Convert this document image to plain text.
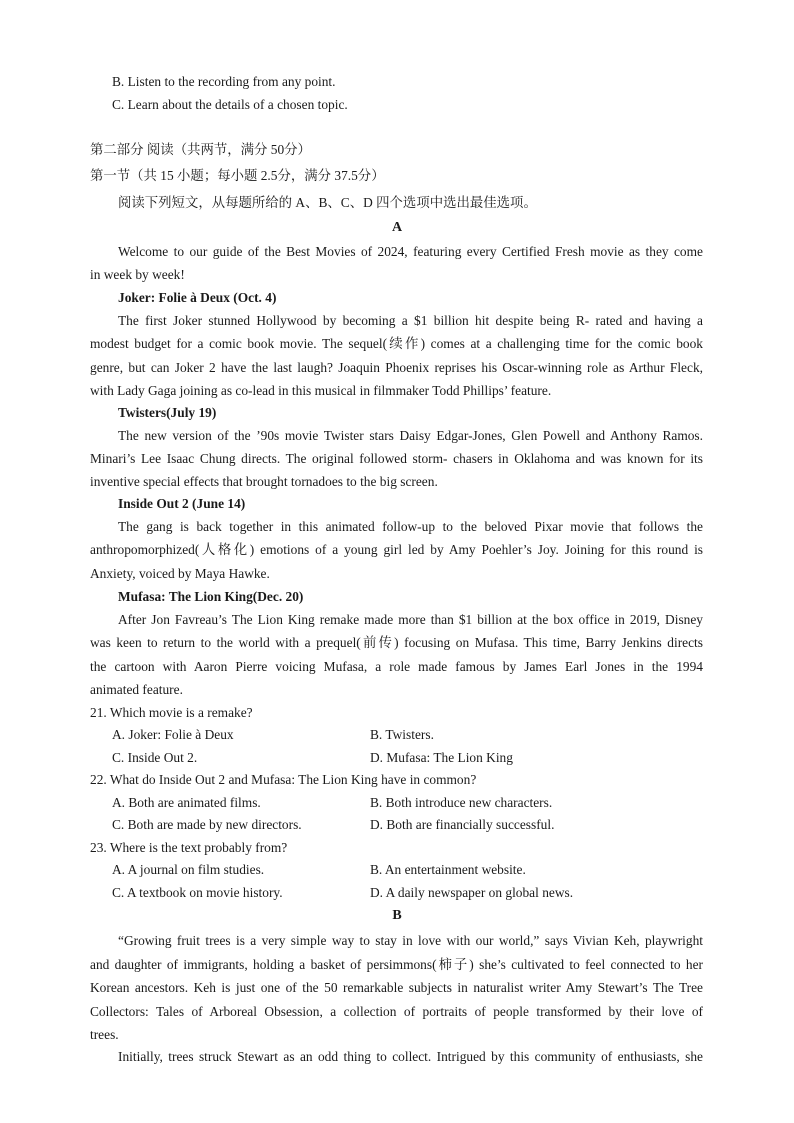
B. Listen to the recording from any point.
C. Learn about the details of a chosen topic.
第二部分 阅读（共两节，满分 50分）
第一节（共 15 小题；每小题 2.5分，满分 37.5分）
阅读下列短文，从每题所给的 A、B、C、D 四个选项中选出最佳选项。
A
Welcome to our guide of the Best Movies of 2024, featuring every Certified Fresh movie as they come
in week by week!
Joker: Folie à Deux (Oct. 4)
The first Joker stunned Hollywood by becoming a $1 billion hit despite being R- rated and having a
modest budget for a comic book movie. The sequel(续作) comes at a challenging time for the comic book
genre, but can Joker 2 have the last laugh? Joaquin Phoenix reprises his Oscar-winning role as Arthur Fleck,
with Lady Gaga joining as co-lead in this musical in filmmaker Todd Phillips’ feature.
Twisters(July 19)
The new version of the ’90s movie Twister stars Daisy Edgar-Jones, Glen Powell and Anthony Ramos.
Minari’s Lee Isaac Chung directs. The original followed storm- chasers in Oklahoma and was known for its
inventive special effects that brought tornadoes to the big screen.
Inside Out 2 (June 14)
The gang is back together in this animated follow-up to the beloved Pixar movie that follows the
anthropomorphized(人格化) emotions of a young girl led by Amy Poehler’s Joy. Joining for this round is
Anxiety, voiced by Maya Hawke.
Mufasa: The Lion King(Dec. 20)
After Jon Favreau’s The Lion King remake made more than $1 billion at the box office in 2019, Disney
was keen to return to the world with a prequel(前传) focusing on Mufasa. This time, Barry Jenkins directs
the cartoon with Aaron Pierre voicing Mufasa, a role made famous by James Earl Jones in the 1994
animated feature.
21. Which movie is a remake?
A. Joker: Folie à Deux	B. Twisters.
C. Inside Out 2.	D. Mufasa: The Lion King
22. What do Inside Out 2 and Mufasa: The Lion King have in common?
A. Both are animated films.	B. Both introduce new characters.
C. Both are made by new directors.	D. Both are financially successful.
23. Where is the text probably from?
A. A journal on film studies.	B. An entertainment website.
C. A textbook on movie history.	D. A daily newspaper on global news.
B
“Growing fruit trees is a very simple way to stay in love with our world,” says Vivian Keh, playwright
and daughter of immigrants, holding a basket of persimmons(柿子) she’s cultivated to feel connected to her
Korean ancestors. Keh is just one of the 50 remarkable subjects in naturalist writer Amy Stewart’s The Tree
Collectors: Tales of Arboreal Obsession, a collection of portraits of people transformed by their love of
trees.
Initially, trees struck Stewart as an odd thing to collect. Intrigued by this community of enthusiasts, she
